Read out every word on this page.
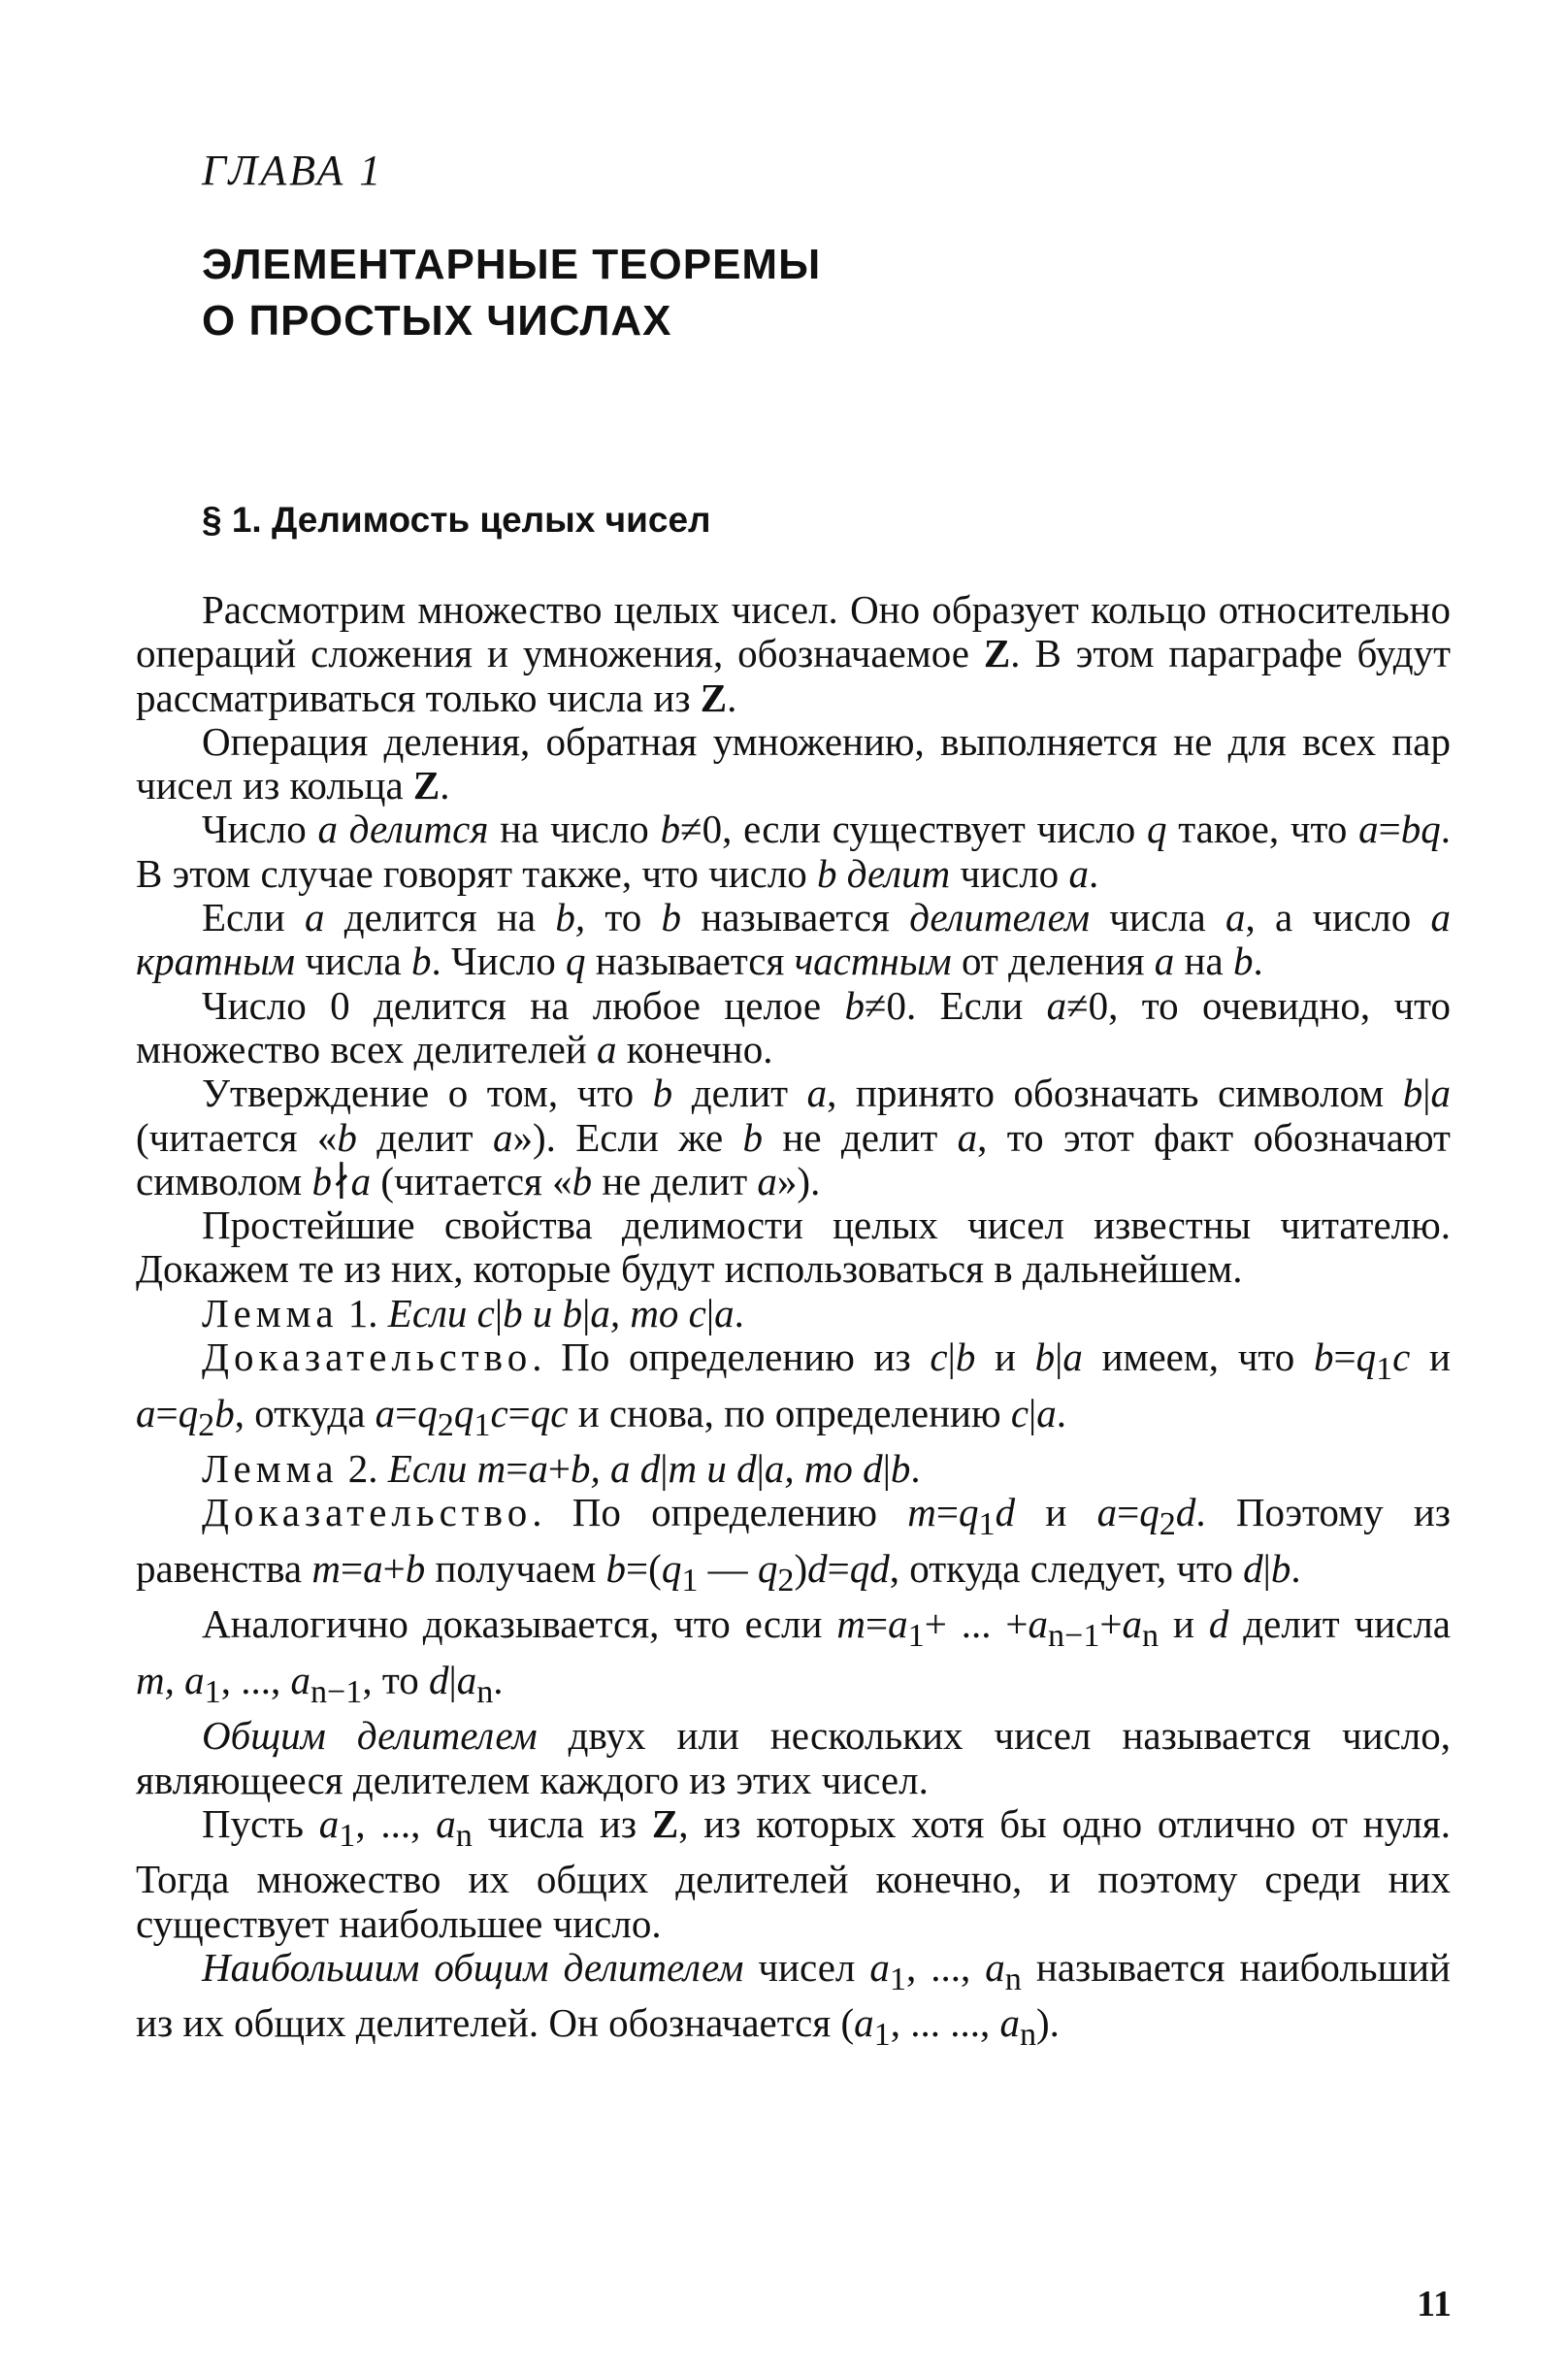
ГЛАВА 1
ЭЛЕМЕНТАРНЫЕ ТЕОРЕМЫ
О ПРОСТЫХ ЧИСЛАХ
§ 1. Делимость целых чисел

Рассмотрим множество целых чисел. Оно образует кольцо относительно операций сложения и умножения, обозначаемое Z. В этом параграфе будут рассматриваться только числа из Z.

Операция деления, обратная умножению, выполняется не для всех пар чисел из кольца Z.

Число a делится на число b≠0, если существует число q такое, что a=bq. В этом случае говорят также, что число b делит число a.

Если a делится на b, то b называется делителем числа a, а число a кратным числа b. Число q называется частным от деления a на b.

Число 0 делится на любое целое b≠0. Если a≠0, то очевидно, что множество всех делителей a конечно.

Утверждение о том, что b делит a, принято обозначать символом b|a (читается «b делит a»). Если же b не делит a, то этот факт обозначают символом b∤a (читается «b не делит a»).

Простейшие свойства делимости целых чисел известны читателю. Докажем те из них, которые будут использоваться в дальнейшем.

Лемма 1. Если c|b и b|a, то c|a.

Доказательство. По определению из c|b и b|a имеем, что $b=q_1c$ и $a=q_2b$, откуда $a=q_2q_1c=qc$ и снова, по определению c|a.

Лемма 2. Если m=a+b, a d|m и d|a, то d|b.

Доказательство. По определению $m=q_1d$ и $a=q_2d$. Поэтому из равенства m=a+b получаем $b=(q_1$ — $q_2)d=qd$, откуда следует, что d|b.

Аналогично доказывается, что если $m=a_1+$ ... $+a_{n-1}+a_n$ и d делит числа m, $a_1$, ..., $a_{n-1}$, то $d|a_n$.

Общим делителем двух или нескольких чисел называется число, являющееся делителем каждого из этих чисел.

Пусть $a_1$, ..., $a_n$ числа из Z, из которых хотя бы одно отлично от нуля. Тогда множество их общих делителей конечно, и поэтому среди них существует наибольшее число.

Наибольшим общим делителем чисел $a_1$, ..., $a_n$ называется наибольший из их общих делителей. Он обозначается ($a_1$, ... ..., $a_n$).

11
